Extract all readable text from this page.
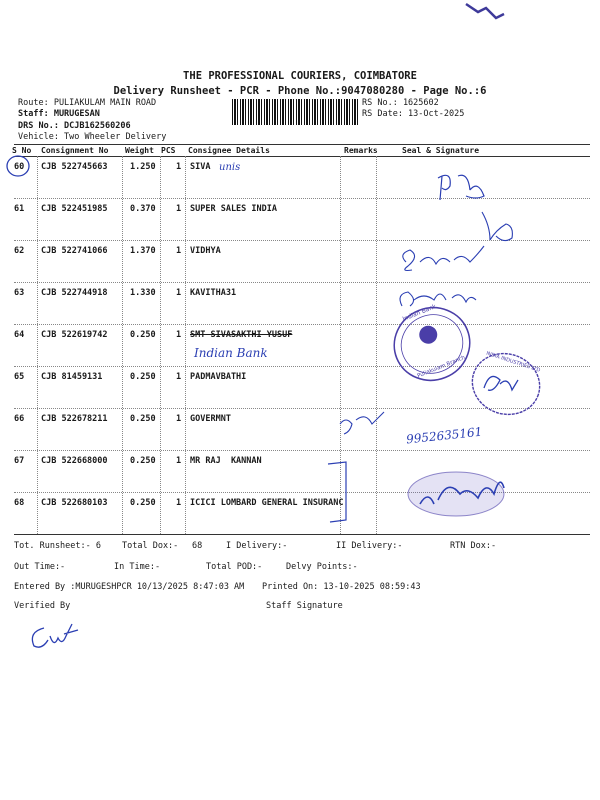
THE PROFESSIONAL COURIERS, COIMBATORE
Delivery Runsheet - PCR - Phone No.:9047080280 - Page No.:6
Route: PULIAKULAM MAIN ROAD
Staff: MURUGESAN
DRS No.: DCJB162560206
Vehicle: Two Wheeler Delivery
RS No.: 1625602
RS Date: 13-Oct-2025
S No Consignment No Weight PCS Consignee Details	Remarks	Seal & Signature
60 CJB 522745663	1.250 1 SIVA
61 CJB 522451985	0.370 1 SUPER SALES INDIA
62 CJB 522741066	1.370 1 VIDHYA
63 CJB 522744918	1.330 1 KAVITHA31
64 CJB 522619742	0.250 1 SMT SIVASAKTHI YUSUF
65 CJB 81459131	0.250 1 PADMAVBATHI
66 CJB 522678211	0.250 1 GOVERMNT
67 CJB 522668000	0.250 1 MR RAJ  KANNAN
68 CJB 522680103	0.250 1 ICICI LOMBARD GENERAL INSURANC
Tot. Runsheet:- 6 Total Dox:- 68	I Delivery:-	II Delivery:-	RTN Dox:-
Out Time:-	In Time:-	Total POD:-	Delvy Points:-
Entered By :MURUGESHPCR 10/13/2025 8:47:03 AM Printed On: 13-10-2025 08:59:43
Verified By	Staff Signature
unis
Indian Bank
Indian Bank
Puliakulam Branch	INDIA INDUSTRIES LTD
9952635161
